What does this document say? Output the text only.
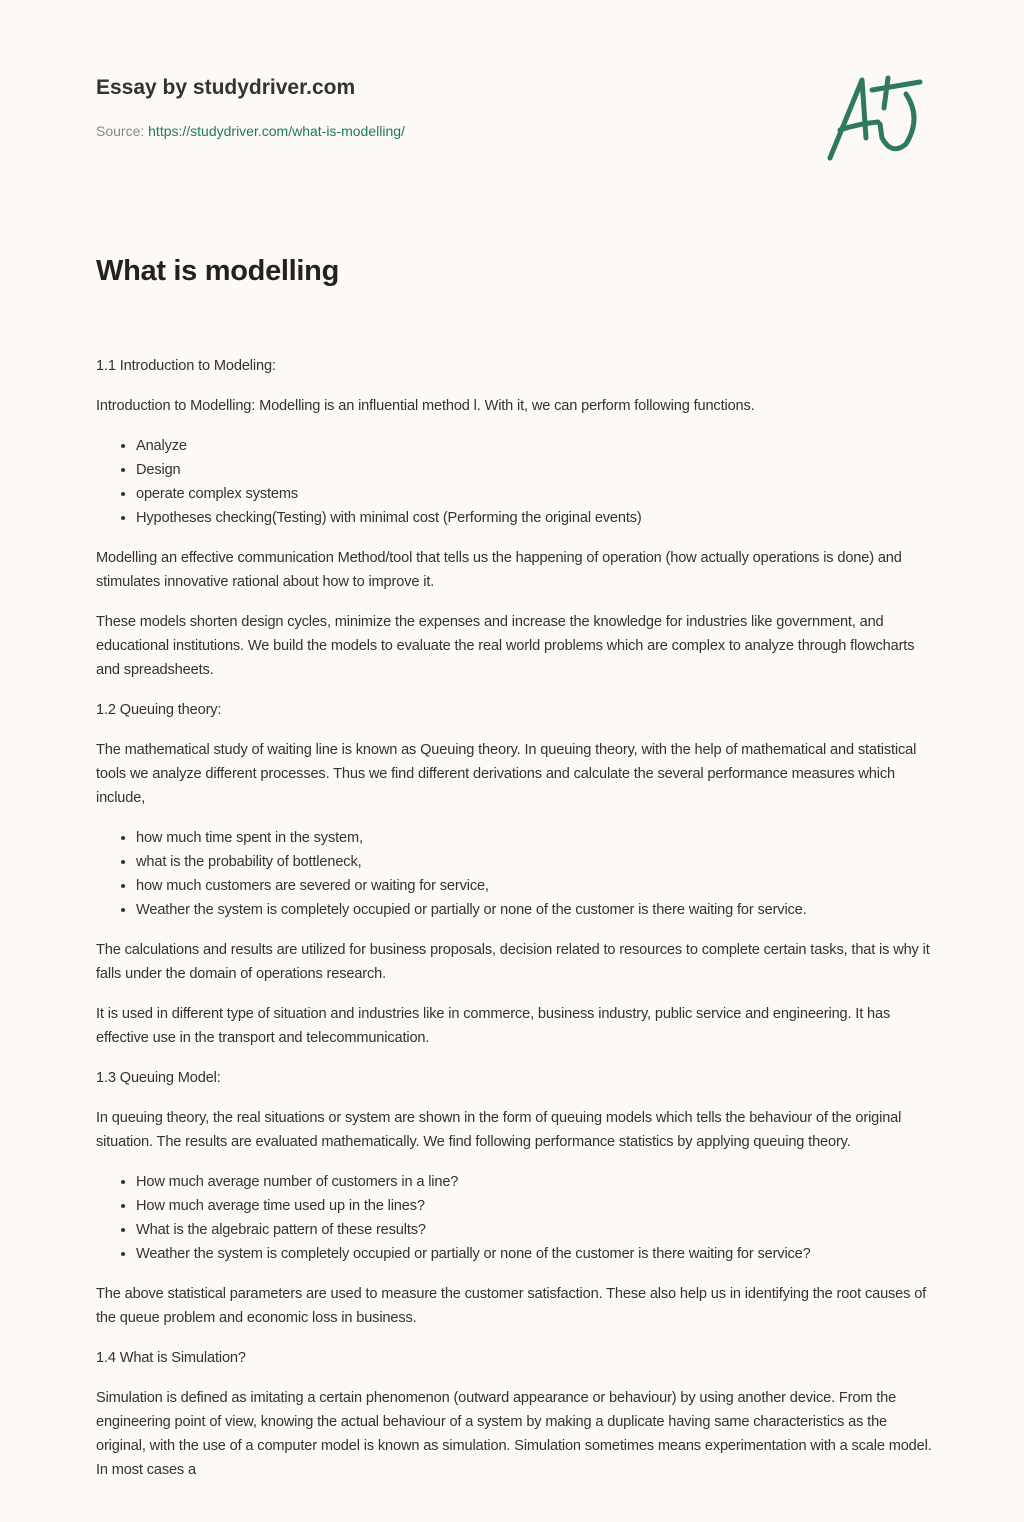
Essay by studydriver.com

Source: https://studydriver.com/what-is-modelling/
What is modelling

1.1 Introduction to Modeling:

Introduction to Modelling: Modelling is an influential method l. With it, we can perform following functions.

• Analyze
• Design
• operate complex systems
• Hypotheses checking(Testing) with minimal cost (Performing the original events)

Modelling an effective communication Method/tool that tells us the happening of operation (how actually operations is done) and stimulates innovative rational about how to improve it.

These models shorten design cycles, minimize the expenses and increase the knowledge for industries like government, and educational institutions. We build the models to evaluate the real world problems which are complex to analyze through flowcharts and spreadsheets.

1.2 Queuing theory:

The mathematical study of waiting line is known as Queuing theory. In queuing theory, with the help of mathematical and statistical tools we analyze different processes. Thus we find different derivations and calculate the several performance measures which include,

• how much time spent in the system,
• what is the probability of bottleneck,
• how much customers are severed or waiting for service,
• Weather the system is completely occupied or partially or none of the customer is there waiting for service.

The calculations and results are utilized for business proposals, decision related to resources to complete certain tasks, that is why it falls under the domain of operations research.

It is used in different type of situation and industries like in commerce, business industry, public service and engineering. It has effective use in the transport and telecommunication.

1.3 Queuing Model:

In queuing theory, the real situations or system are shown in the form of queuing models which tells the behaviour of the original situation. The results are evaluated mathematically. We find following performance statistics by applying queuing theory.

• How much average number of customers in a line?
• How much average time used up in the lines?
• What is the algebraic pattern of these results?
• Weather the system is completely occupied or partially or none of the customer is there waiting for service?

The above statistical parameters are used to measure the customer satisfaction. These also help us in identifying the root causes of the queue problem and economic loss in business.

1.4 What is Simulation?

Simulation is defined as imitating a certain phenomenon (outward appearance or behaviour) by using another device. From the engineering point of view, knowing the actual behaviour of a system by making a duplicate having same characteristics as the original, with the use of a computer model is known as simulation. Simulation sometimes means experimentation with a scale model. In most cases a
